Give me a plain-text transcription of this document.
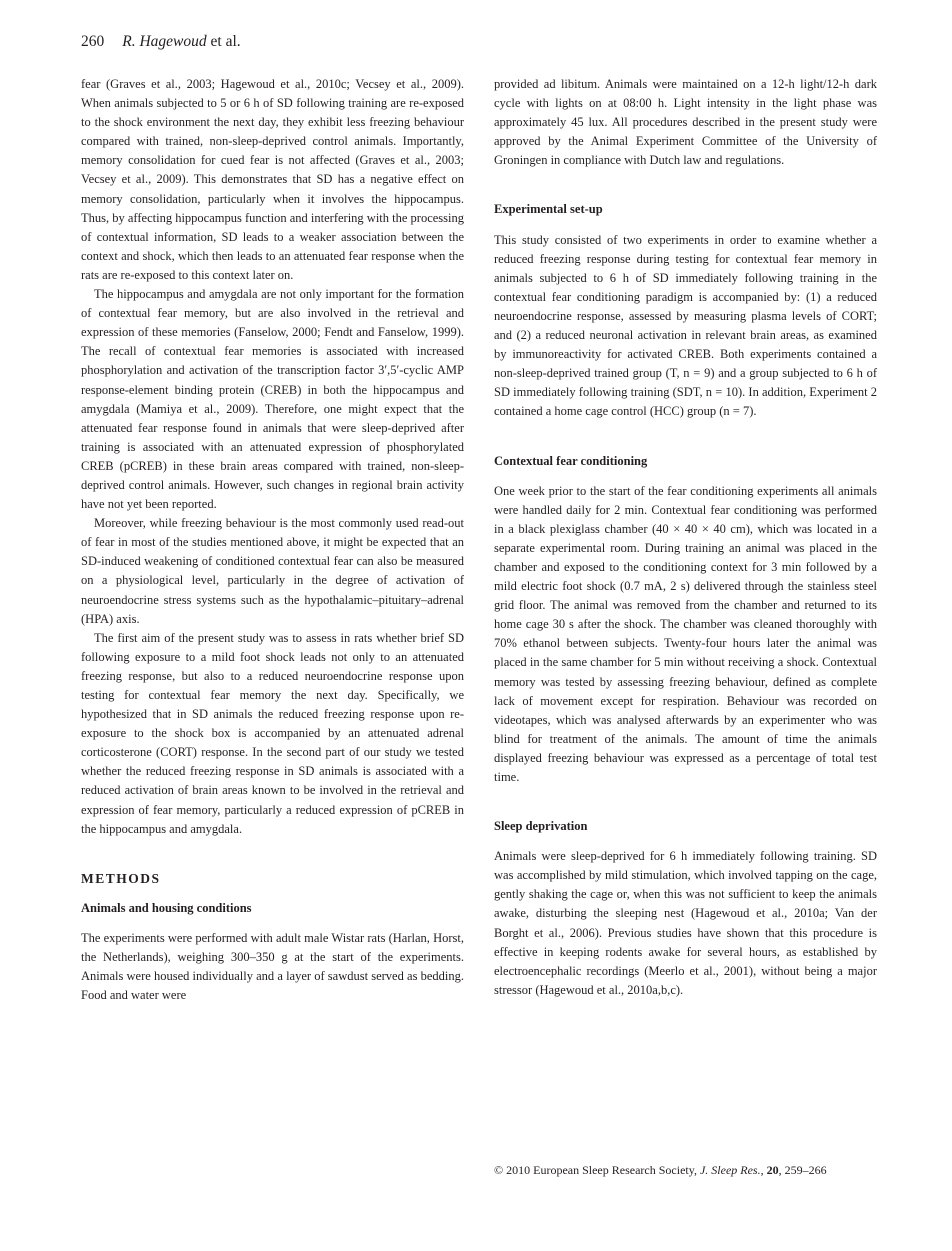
260 R. Hagewoud et al.

fear (Graves et al., 2003; Hagewoud et al., 2010c; Vecsey et al., 2009). When animals subjected to 5 or 6 h of SD following training are re-exposed to the shock environment the next day, they exhibit less freezing behaviour compared with trained, non-sleep-deprived control animals. Importantly, memory consolidation for cued fear is not affected (Graves et al., 2003; Vecsey et al., 2009). This demonstrates that SD has a negative effect on memory consolidation, particularly when it involves the hippocampus. Thus, by affecting hippocampus function and interfering with the processing of contextual information, SD leads to a weaker association between the context and shock, which then leads to an attenuated fear response when the rats are re-exposed to this context later on.

The hippocampus and amygdala are not only important for the formation of contextual fear memory, but are also involved in the retrieval and expression of these memories (Fanselow, 2000; Fendt and Fanselow, 1999). The recall of contextual fear memories is associated with increased phosphorylation and activation of the transcription factor 3′,5′-cyclic AMP response-element binding protein (CREB) in both the hippocampus and amygdala (Mamiya et al., 2009). Therefore, one might expect that the attenuated fear response found in animals that were sleep-deprived after training is associated with an attenuated expression of phosphorylated CREB (pCREB) in these brain areas compared with trained, non-sleep-deprived control animals. However, such changes in regional brain activity have not yet been reported.

Moreover, while freezing behaviour is the most commonly used read-out of fear in most of the studies mentioned above, it might be expected that an SD-induced weakening of conditioned contextual fear can also be measured on a physiological level, particularly in the degree of activation of neuroendocrine stress systems such as the hypothalamic–pituitary–adrenal (HPA) axis.

The first aim of the present study was to assess in rats whether brief SD following exposure to a mild foot shock leads not only to an attenuated freezing response, but also to a reduced neuroendocrine response upon testing for contextual fear memory the next day. Specifically, we hypothesized that in SD animals the reduced freezing response upon re-exposure to the shock box is accompanied by an attenuated adrenal corticosterone (CORT) response. In the second part of our study we tested whether the reduced freezing response in SD animals is associated with a reduced activation of brain areas known to be involved in the retrieval and expression of fear memory, particularly a reduced expression of pCREB in the hippocampus and amygdala.

METHODS

Animals and housing conditions

The experiments were performed with adult male Wistar rats (Harlan, Horst, the Netherlands), weighing 300–350 g at the start of the experiments. Animals were housed individually and a layer of sawdust served as bedding. Food and water were

provided ad libitum. Animals were maintained on a 12-h light/12-h dark cycle with lights on at 08:00 h. Light intensity in the light phase was approximately 45 lux. All procedures described in the present study were approved by the Animal Experiment Committee of the University of Groningen in compliance with Dutch law and regulations.

Experimental set-up

This study consisted of two experiments in order to examine whether a reduced freezing response during testing for contextual fear memory in animals subjected to 6 h of SD immediately following training in the contextual fear conditioning paradigm is accompanied by: (1) a reduced neuroendocrine response, assessed by measuring plasma levels of CORT; and (2) a reduced neuronal activation in relevant brain areas, as examined by immunoreactivity for activated CREB. Both experiments contained a non-sleep-deprived trained group (T, n = 9) and a group subjected to 6 h of SD immediately following training (SDT, n = 10). In addition, Experiment 2 contained a home cage control (HCC) group (n = 7).

Contextual fear conditioning

One week prior to the start of the fear conditioning experiments all animals were handled daily for 2 min. Contextual fear conditioning was performed in a black plexiglass chamber (40 × 40 × 40 cm), which was located in a separate experimental room. During training an animal was placed in the chamber and exposed to the conditioning context for 3 min followed by a mild electric foot shock (0.7 mA, 2 s) delivered through the stainless steel grid floor. The animal was removed from the chamber and returned to its home cage 30 s after the shock. The chamber was cleaned thoroughly with 70% ethanol between subjects. Twenty-four hours later the animal was placed in the same chamber for 5 min without receiving a shock. Contextual memory was tested by assessing freezing behaviour, defined as complete lack of movement except for respiration. Behaviour was recorded on videotapes, which was analysed afterwards by an experimenter who was blind for treatment of the animals. The amount of time the animals displayed freezing behaviour was expressed as a percentage of total test time.

Sleep deprivation

Animals were sleep-deprived for 6 h immediately following training. SD was accomplished by mild stimulation, which involved tapping on the cage, gently shaking the cage or, when this was not sufficient to keep the animals awake, disturbing the sleeping nest (Hagewoud et al., 2010a; Van der Borght et al., 2006). Previous studies have shown that this procedure is effective in keeping rodents awake for several hours, as established by electroencephalic recordings (Meerlo et al., 2001), without being a major stressor (Hagewoud et al., 2010a,b,c).

© 2010 European Sleep Research Society, J. Sleep Res., 20, 259–266
